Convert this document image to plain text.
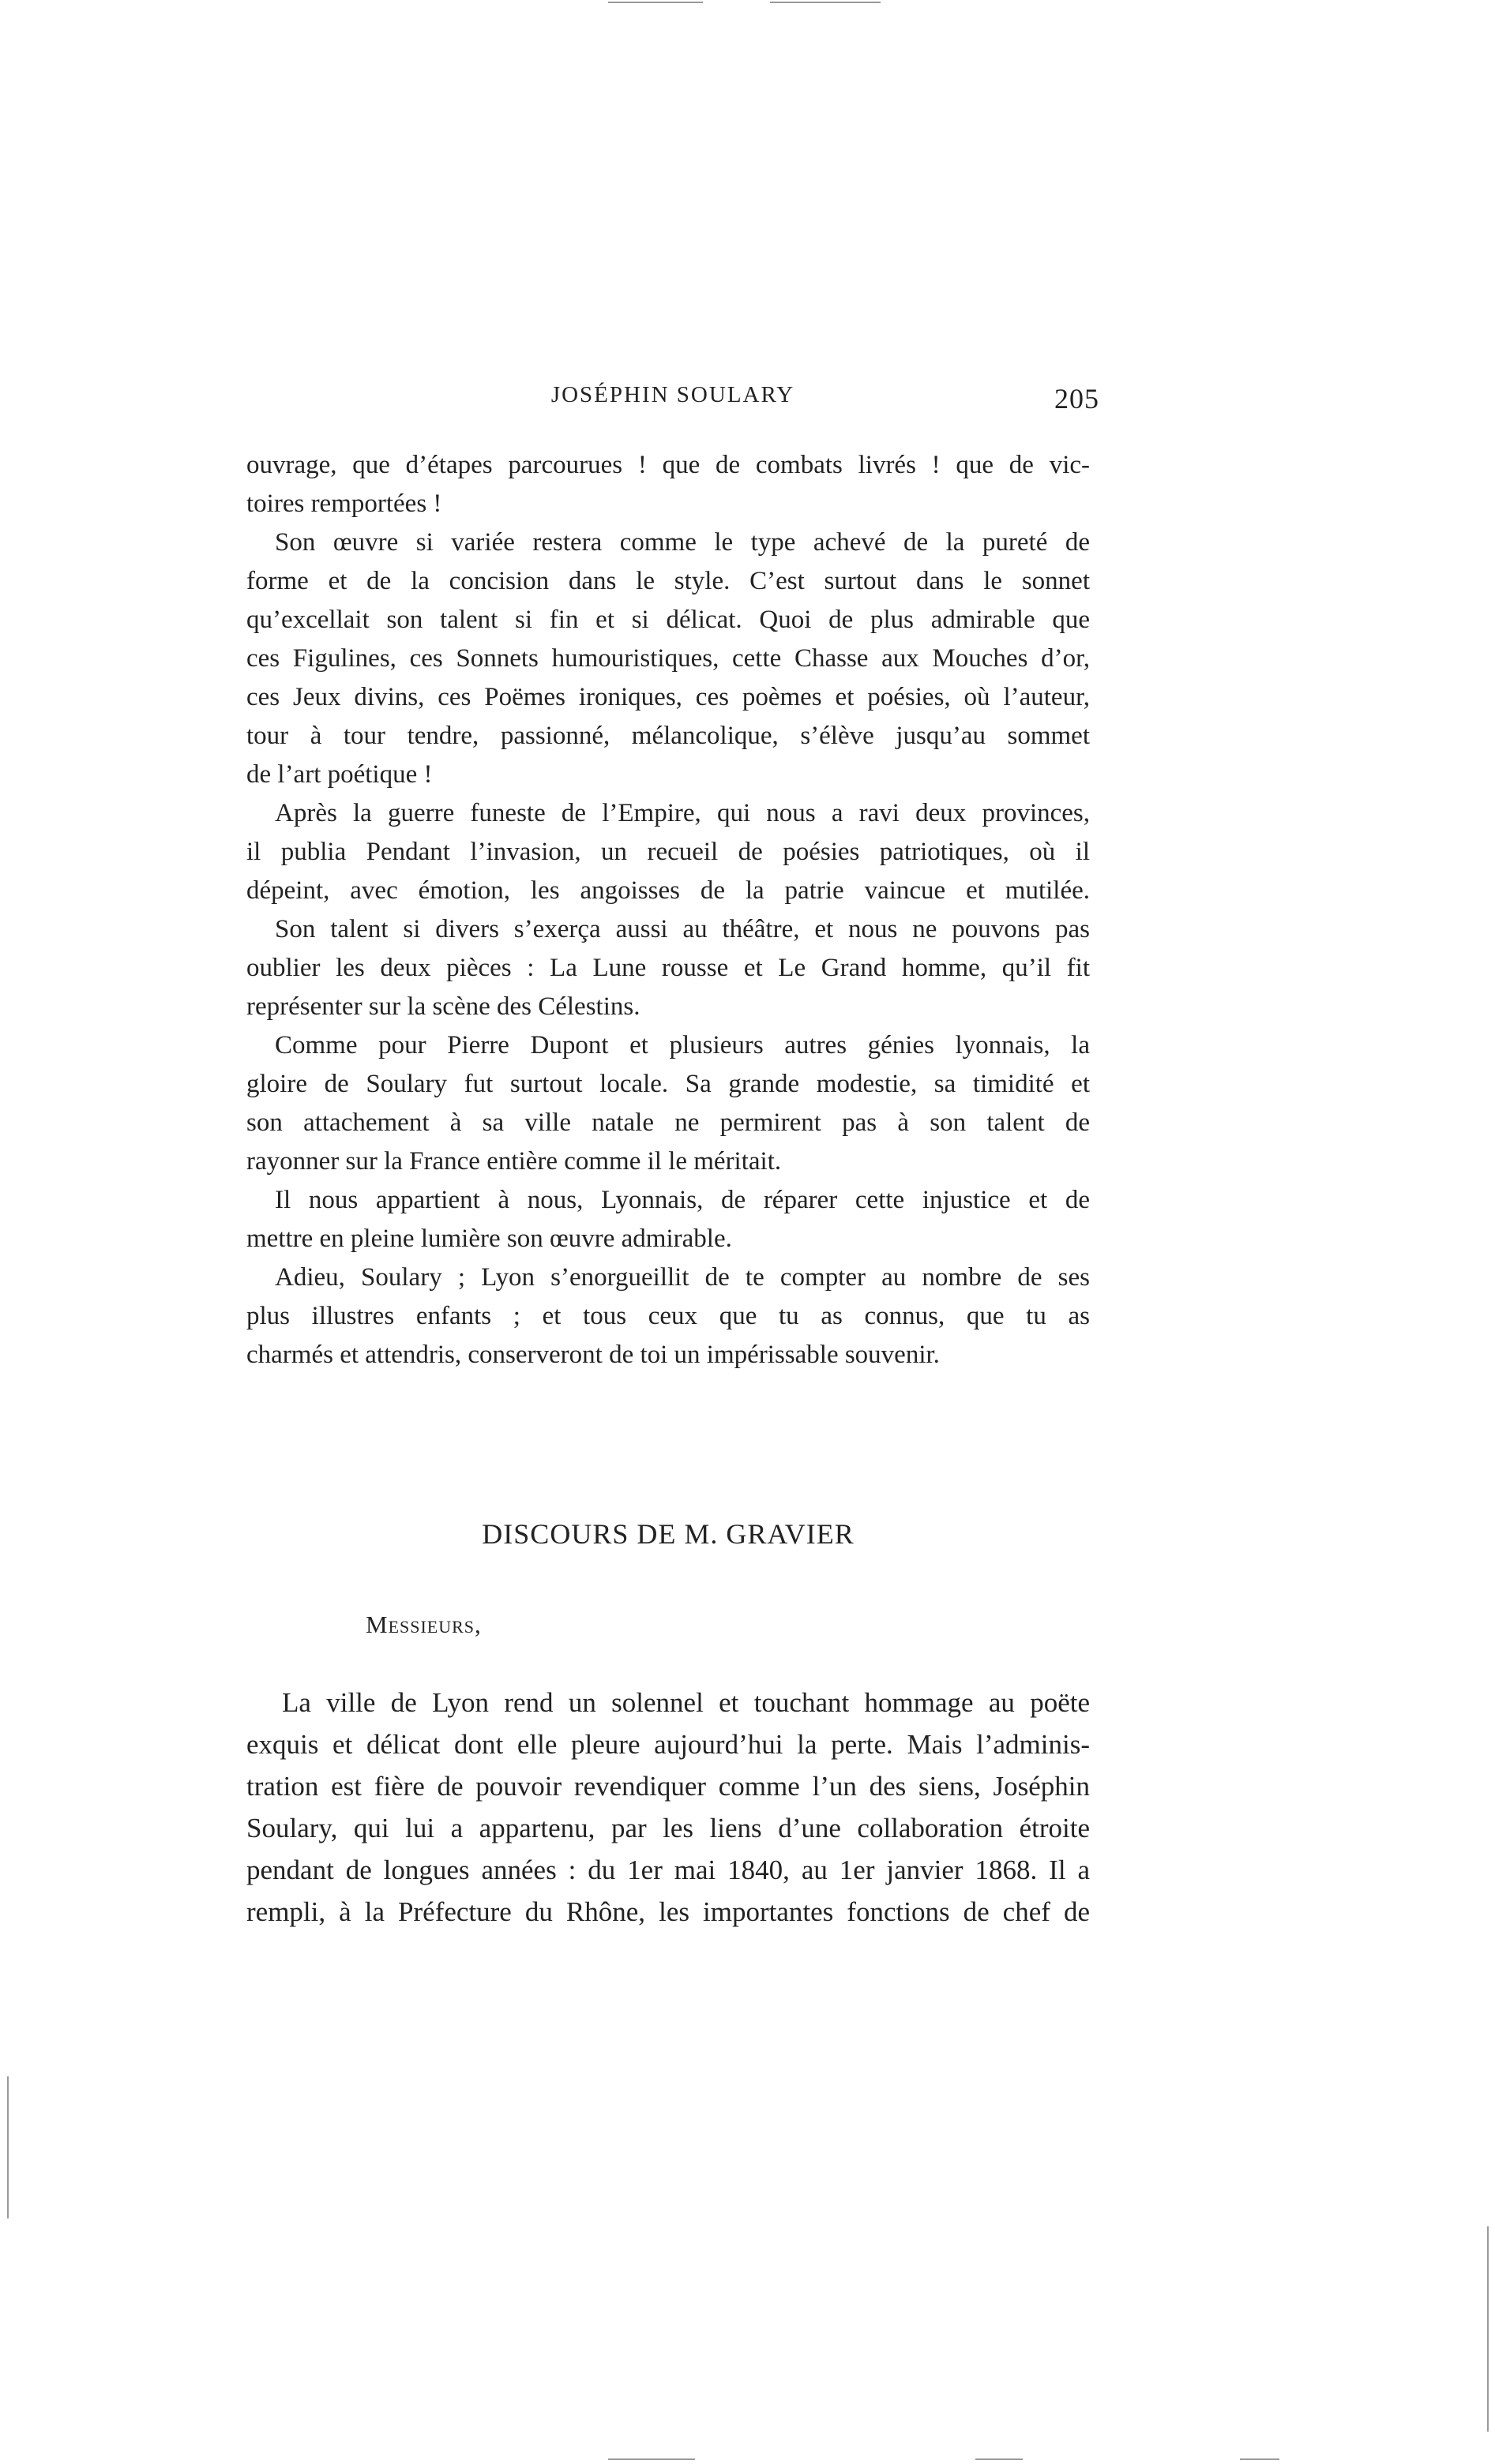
JOSÉPHIN SOULARY	205
ouvrage, que d’étapes parcourues ! que de combats livrés ! que de vic-
toires remportées !
Son œuvre si variée restera comme le type achevé de la pureté de
forme et de la concision dans le style. C’est surtout dans le sonnet
qu’excellait son talent si fin et si délicat. Quoi de plus admirable que
ces Figulines, ces Sonnets humouristiques, cette Chasse aux Mouches d’or,
ces Jeux divins, ces Poëmes ironiques, ces poèmes et poésies, où l’auteur,
tour à tour tendre, passionné, mélancolique, s’élève jusqu’au sommet
de l’art poétique !
Après la guerre funeste de l’Empire, qui nous a ravi deux provinces,
il publia Pendant l’invasion, un recueil de poésies patriotiques, où il
dépeint, avec émotion, les angoisses de la patrie vaincue et mutilée.
Son talent si divers s’exerça aussi au théâtre, et nous ne pouvons pas
oublier les deux pièces : La Lune rousse et Le Grand homme, qu’il fit
représenter sur la scène des Célestins.
Comme pour Pierre Dupont et plusieurs autres génies lyonnais, la
gloire de Soulary fut surtout locale. Sa grande modestie, sa timidité et
son attachement à sa ville natale ne permirent pas à son talent de
rayonner sur la France entière comme il le méritait.
Il nous appartient à nous, Lyonnais, de réparer cette injustice et de
mettre en pleine lumière son œuvre admirable.
Adieu, Soulary ; Lyon s’enorgueillit de te compter au nombre de ses
plus illustres enfants ; et tous ceux que tu as connus, que tu as
charmés et attendris, conserveront de toi un impérissable souvenir.
DISCOURS DE M. GRAVIER
Messieurs,
La ville de Lyon rend un solennel et touchant hommage au poëte
exquis et délicat dont elle pleure aujourd’hui la perte. Mais l’adminis-
tration est fière de pouvoir revendiquer comme l’un des siens, Joséphin
Soulary, qui lui a appartenu, par les liens d’une collaboration étroite
pendant de longues années : du 1er mai 1840, au 1er janvier 1868. Il a
rempli, à la Préfecture du Rhône, les importantes fonctions de chef de
